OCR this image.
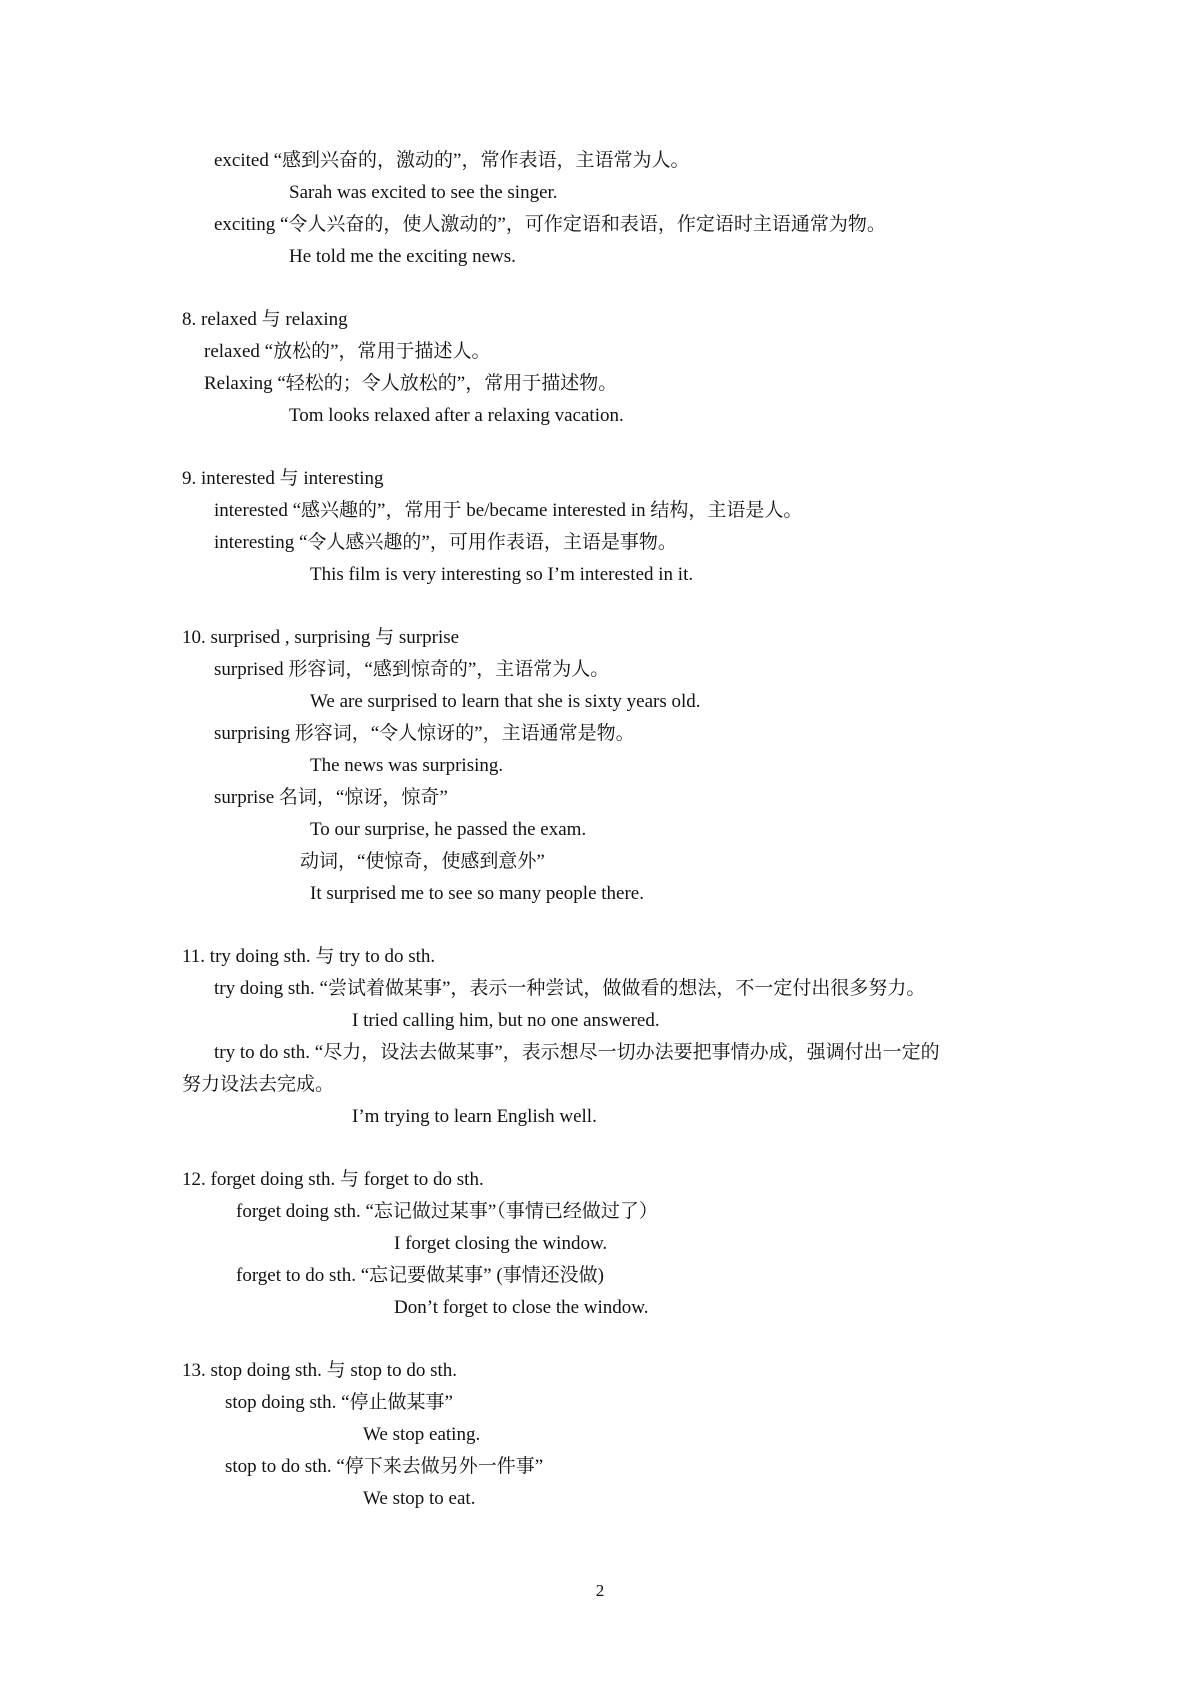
excited “感到兴奋的，激动的”，常作表语，主语常为人。
Sarah was excited to see the singer.
exciting “令人兴奋的，使人激动的”，可作定语和表语，作定语时主语通常为物。
He told me the exciting news.
8. relaxed 与 relaxing
relaxed “放松的”，常用于描述人。
Relaxing “轻松的；令人放松的”，常用于描述物。
Tom looks relaxed after a relaxing vacation.
9. interested 与 interesting
interested “感兴趣的”，常用于 be/became interested in 结构，主语是人。
interesting “令人感兴趣的”，可用作表语，主语是事物。
This film is very interesting so I’m interested in it.
10. surprised , surprising 与 surprise
surprised 形容词，“感到惊奇的”，主语常为人。
We are surprised to learn that she is sixty years old.
surprising 形容词，“令人惊讶的”，主语通常是物。
The news was surprising.
surprise 名词，“惊讶，惊奇”
To our surprise, he passed the exam.
动词，“使惊奇，使感到意外”
It surprised me to see so many people there.
11. try doing sth. 与 try to do sth.
try doing sth. “尝试着做某事”，表示一种尝试，做做看的想法，不一定付出很多努力。
I tried calling him, but no one answered.
try to do sth. “尽力，设法去做某事”，表示想尽一切办法要把事情办成，强调付出一定的
努力设法去完成。
I’m trying to learn English well.
12. forget doing sth. 与 forget to do sth.
forget doing sth. “忘记做过某事”（事情已经做过了）
I forget closing the window.
forget to do sth. “忘记要做某事” (事情还没做)
Don’t forget to close the window.
13. stop doing sth. 与 stop to do sth.
stop doing sth. “停止做某事”
We stop eating.
stop to do sth. “停下来去做另外一件事”
We stop to eat.
2
